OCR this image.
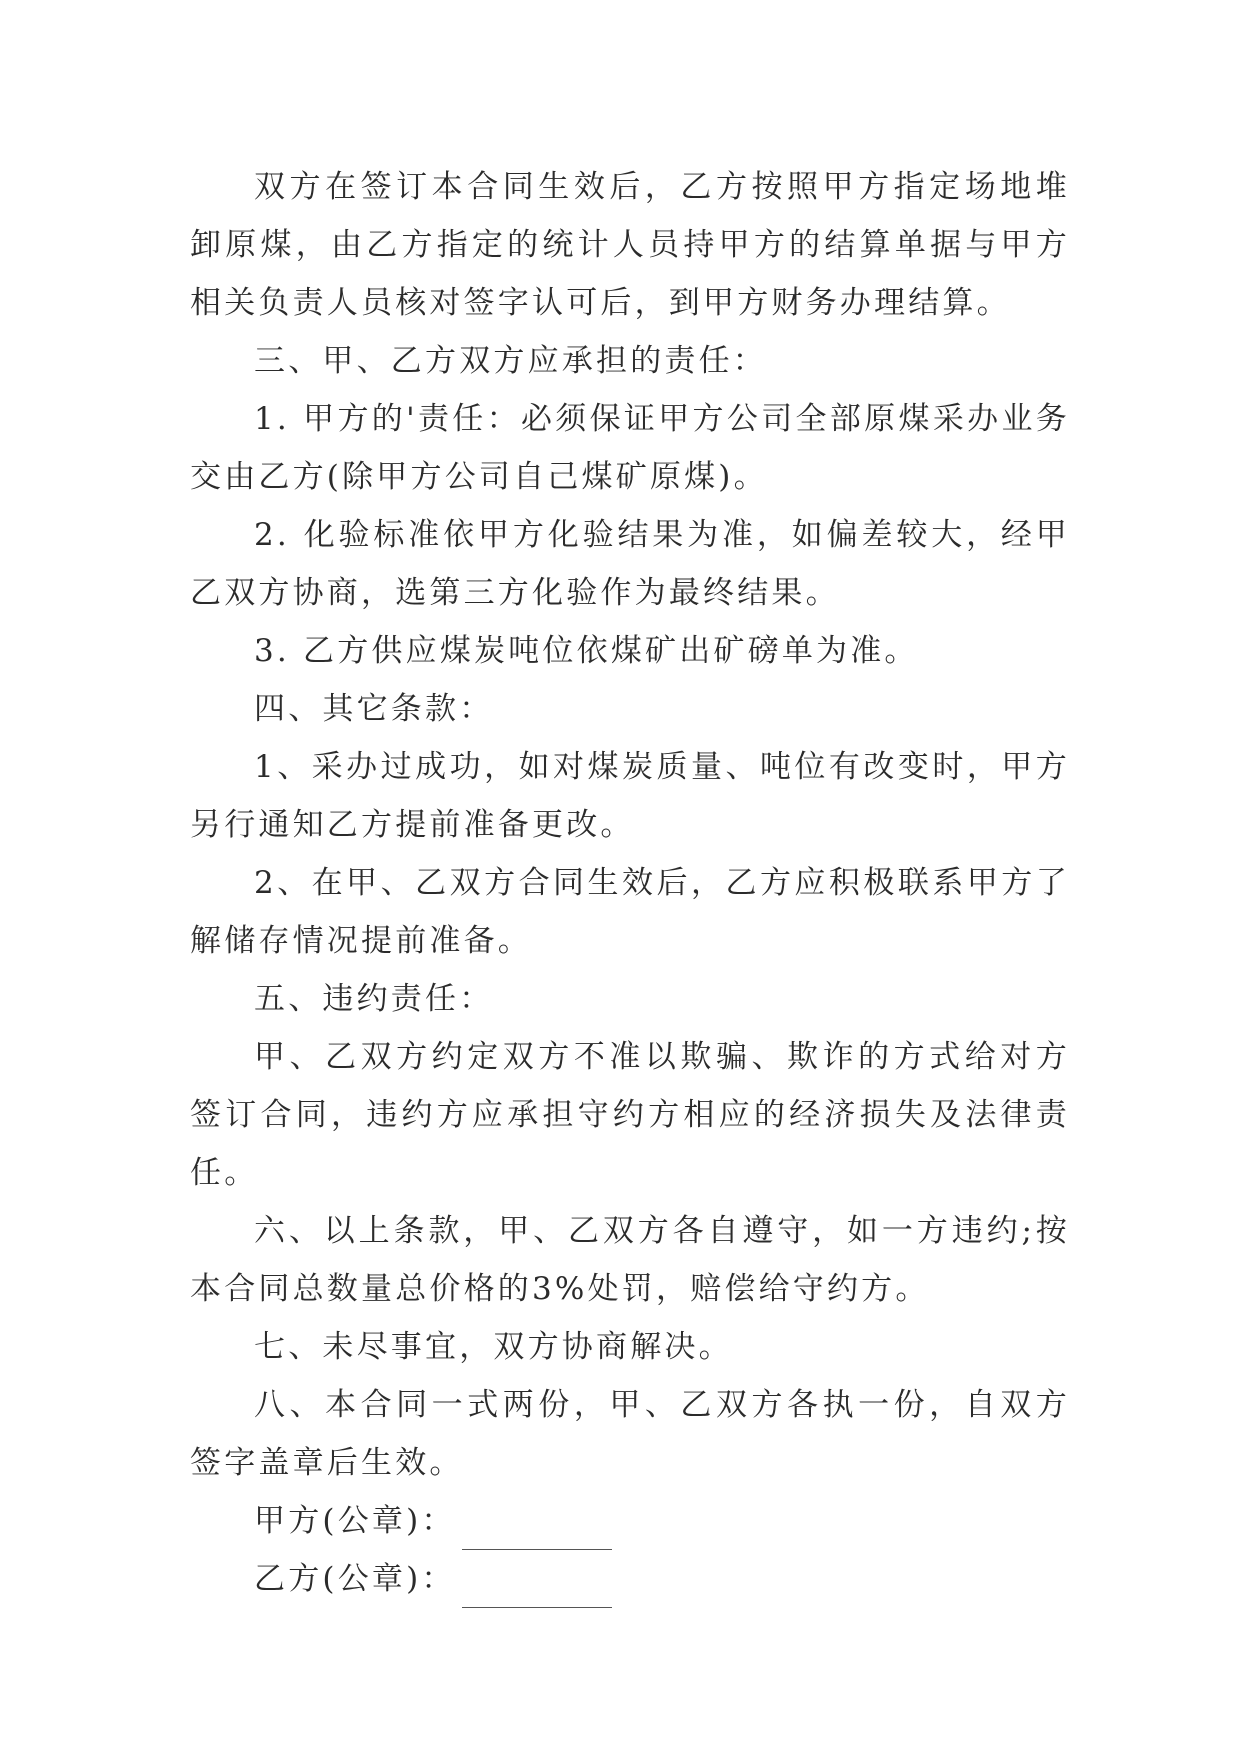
双方在签订本合同生效后，乙方按照甲方指定场地堆卸原煤，由乙方指定的统计人员持甲方的结算单据与甲方相关负责人员核对签字认可后，到甲方财务办理结算。

三、甲、乙方双方应承担的责任：

1. 甲方的'责任：必须保证甲方公司全部原煤采办业务交由乙方(除甲方公司自己煤矿原煤)。

2. 化验标准依甲方化验结果为准，如偏差较大，经甲乙双方协商，选第三方化验作为最终结果。

3. 乙方供应煤炭吨位依煤矿出矿磅单为准。

四、其它条款：

1、采办过成功，如对煤炭质量、吨位有改变时，甲方另行通知乙方提前准备更改。

2、在甲、乙双方合同生效后，乙方应积极联系甲方了解储存情况提前准备。

五、违约责任：

甲、乙双方约定双方不准以欺骗、欺诈的方式给对方签订合同，违约方应承担守约方相应的经济损失及法律责任。

六、以上条款，甲、乙双方各自遵守，如一方违约;按本合同总数量总价格的3%处罚，赔偿给守约方。

七、未尽事宜，双方协商解决。

八、本合同一式两份，甲、乙双方各执一份，自双方签字盖章后生效。

甲方(公章)：

乙方(公章)：
